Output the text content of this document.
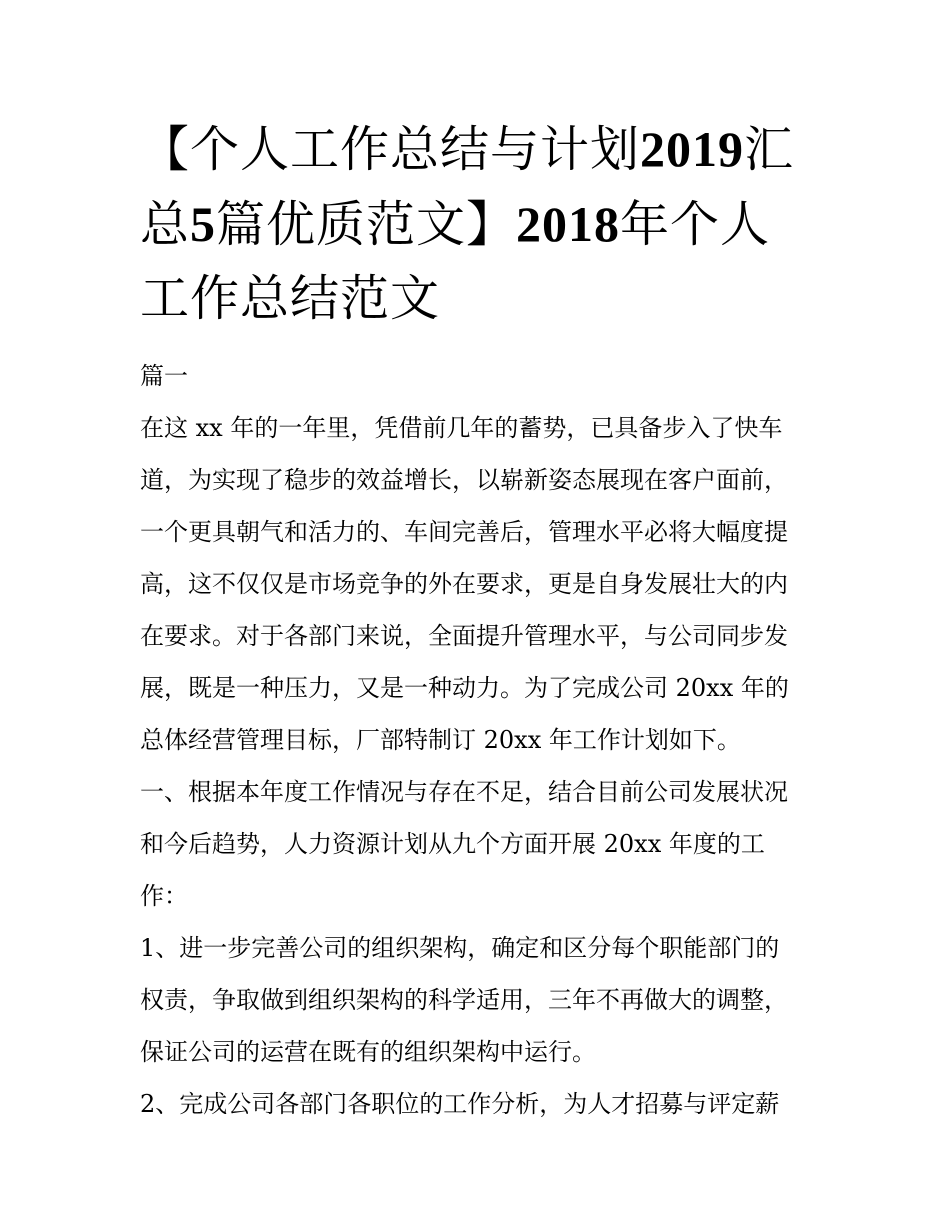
【个人工作总结与计划2019汇
总5篇优质范文】2018年个人
工作总结范文
篇一
在这 xx 年的一年里，凭借前几年的蓄势，已具备步入了快车
道，为实现了稳步的效益增长，以崭新姿态展现在客户面前，
一个更具朝气和活力的、车间完善后，管理水平必将大幅度提
高，这不仅仅是市场竞争的外在要求，更是自身发展壮大的内
在要求。对于各部门来说，全面提升管理水平，与公司同步发
展，既是一种压力，又是一种动力。为了完成公司 20xx 年的
总体经营管理目标，厂部特制订 20xx 年工作计划如下。
一、根据本年度工作情况与存在不足，结合目前公司发展状况
和今后趋势，人力资源计划从九个方面开展 20xx 年度的工
作：
1、进一步完善公司的组织架构，确定和区分每个职能部门的
权责，争取做到组织架构的科学适用，三年不再做大的调整，
保证公司的运营在既有的组织架构中运行。
2、完成公司各部门各职位的工作分析，为人才招募与评定薪
